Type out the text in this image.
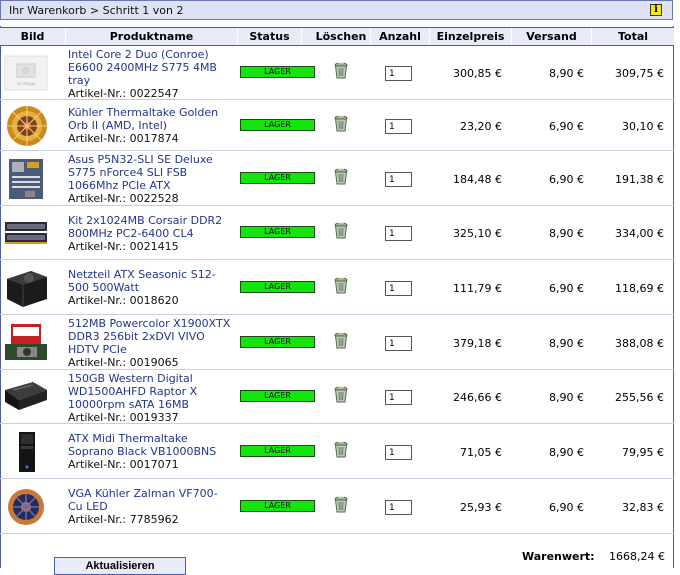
Ihr Warenkorb > Schritt 1 von 2	i
Bild	Produktname	Status	Löschen	Anzahl	Einzelpreis	Versand	Total
no image
Intel Core 2 Duo (Conroe)
E6600 2400MHz S775 4MB
tray
Artikel-Nr.: 0022547
LAGER
1	300,85 €	8,90 €	309,75 €
Kühler Thermaltake Golden
Orb II (AMD, Intel)
Artikel-Nr.: 0017874
LAGER
1	23,20 €	6,90 €	30,10 €
Asus P5N32-SLI SE Deluxe
S775 nForce4 SLI FSB
1066Mhz PCIe ATX
Artikel-Nr.: 0022528
LAGER
1	184,48 €	6,90 €	191,38 €
Kit 2x1024MB Corsair DDR2
800MHz PC2-6400 CL4
Artikel-Nr.: 0021415
LAGER
1	325,10 €	8,90 €	334,00 €
Netzteil ATX Seasonic S12-
500 500Watt
Artikel-Nr.: 0018620
LAGER
1	111,79 €	6,90 €	118,69 €
512MB Powercolor X1900XTX
DDR3 256bit 2xDVI VIVO
HDTV PCIe
Artikel-Nr.: 0019065
LAGER
1	379,18 €	8,90 €	388,08 €
150GB Western Digital
WD1500AHFD Raptor X
10000rpm sATA 16MB
Artikel-Nr.: 0019337
LAGER
1	246,66 €	8,90 €	255,56 €
ATX Midi Thermaltake
Soprano Black VB1000BNS
Artikel-Nr.: 0017071
LAGER
1	71,05 €	8,90 €	79,95 €
VGA Kühler Zalman VF700-
Cu LED
Artikel-Nr.: 7785962
LAGER
1	25,93 €	6,90 €	32,83 €
Warenwert:	1668,24 €
Aktualisieren
